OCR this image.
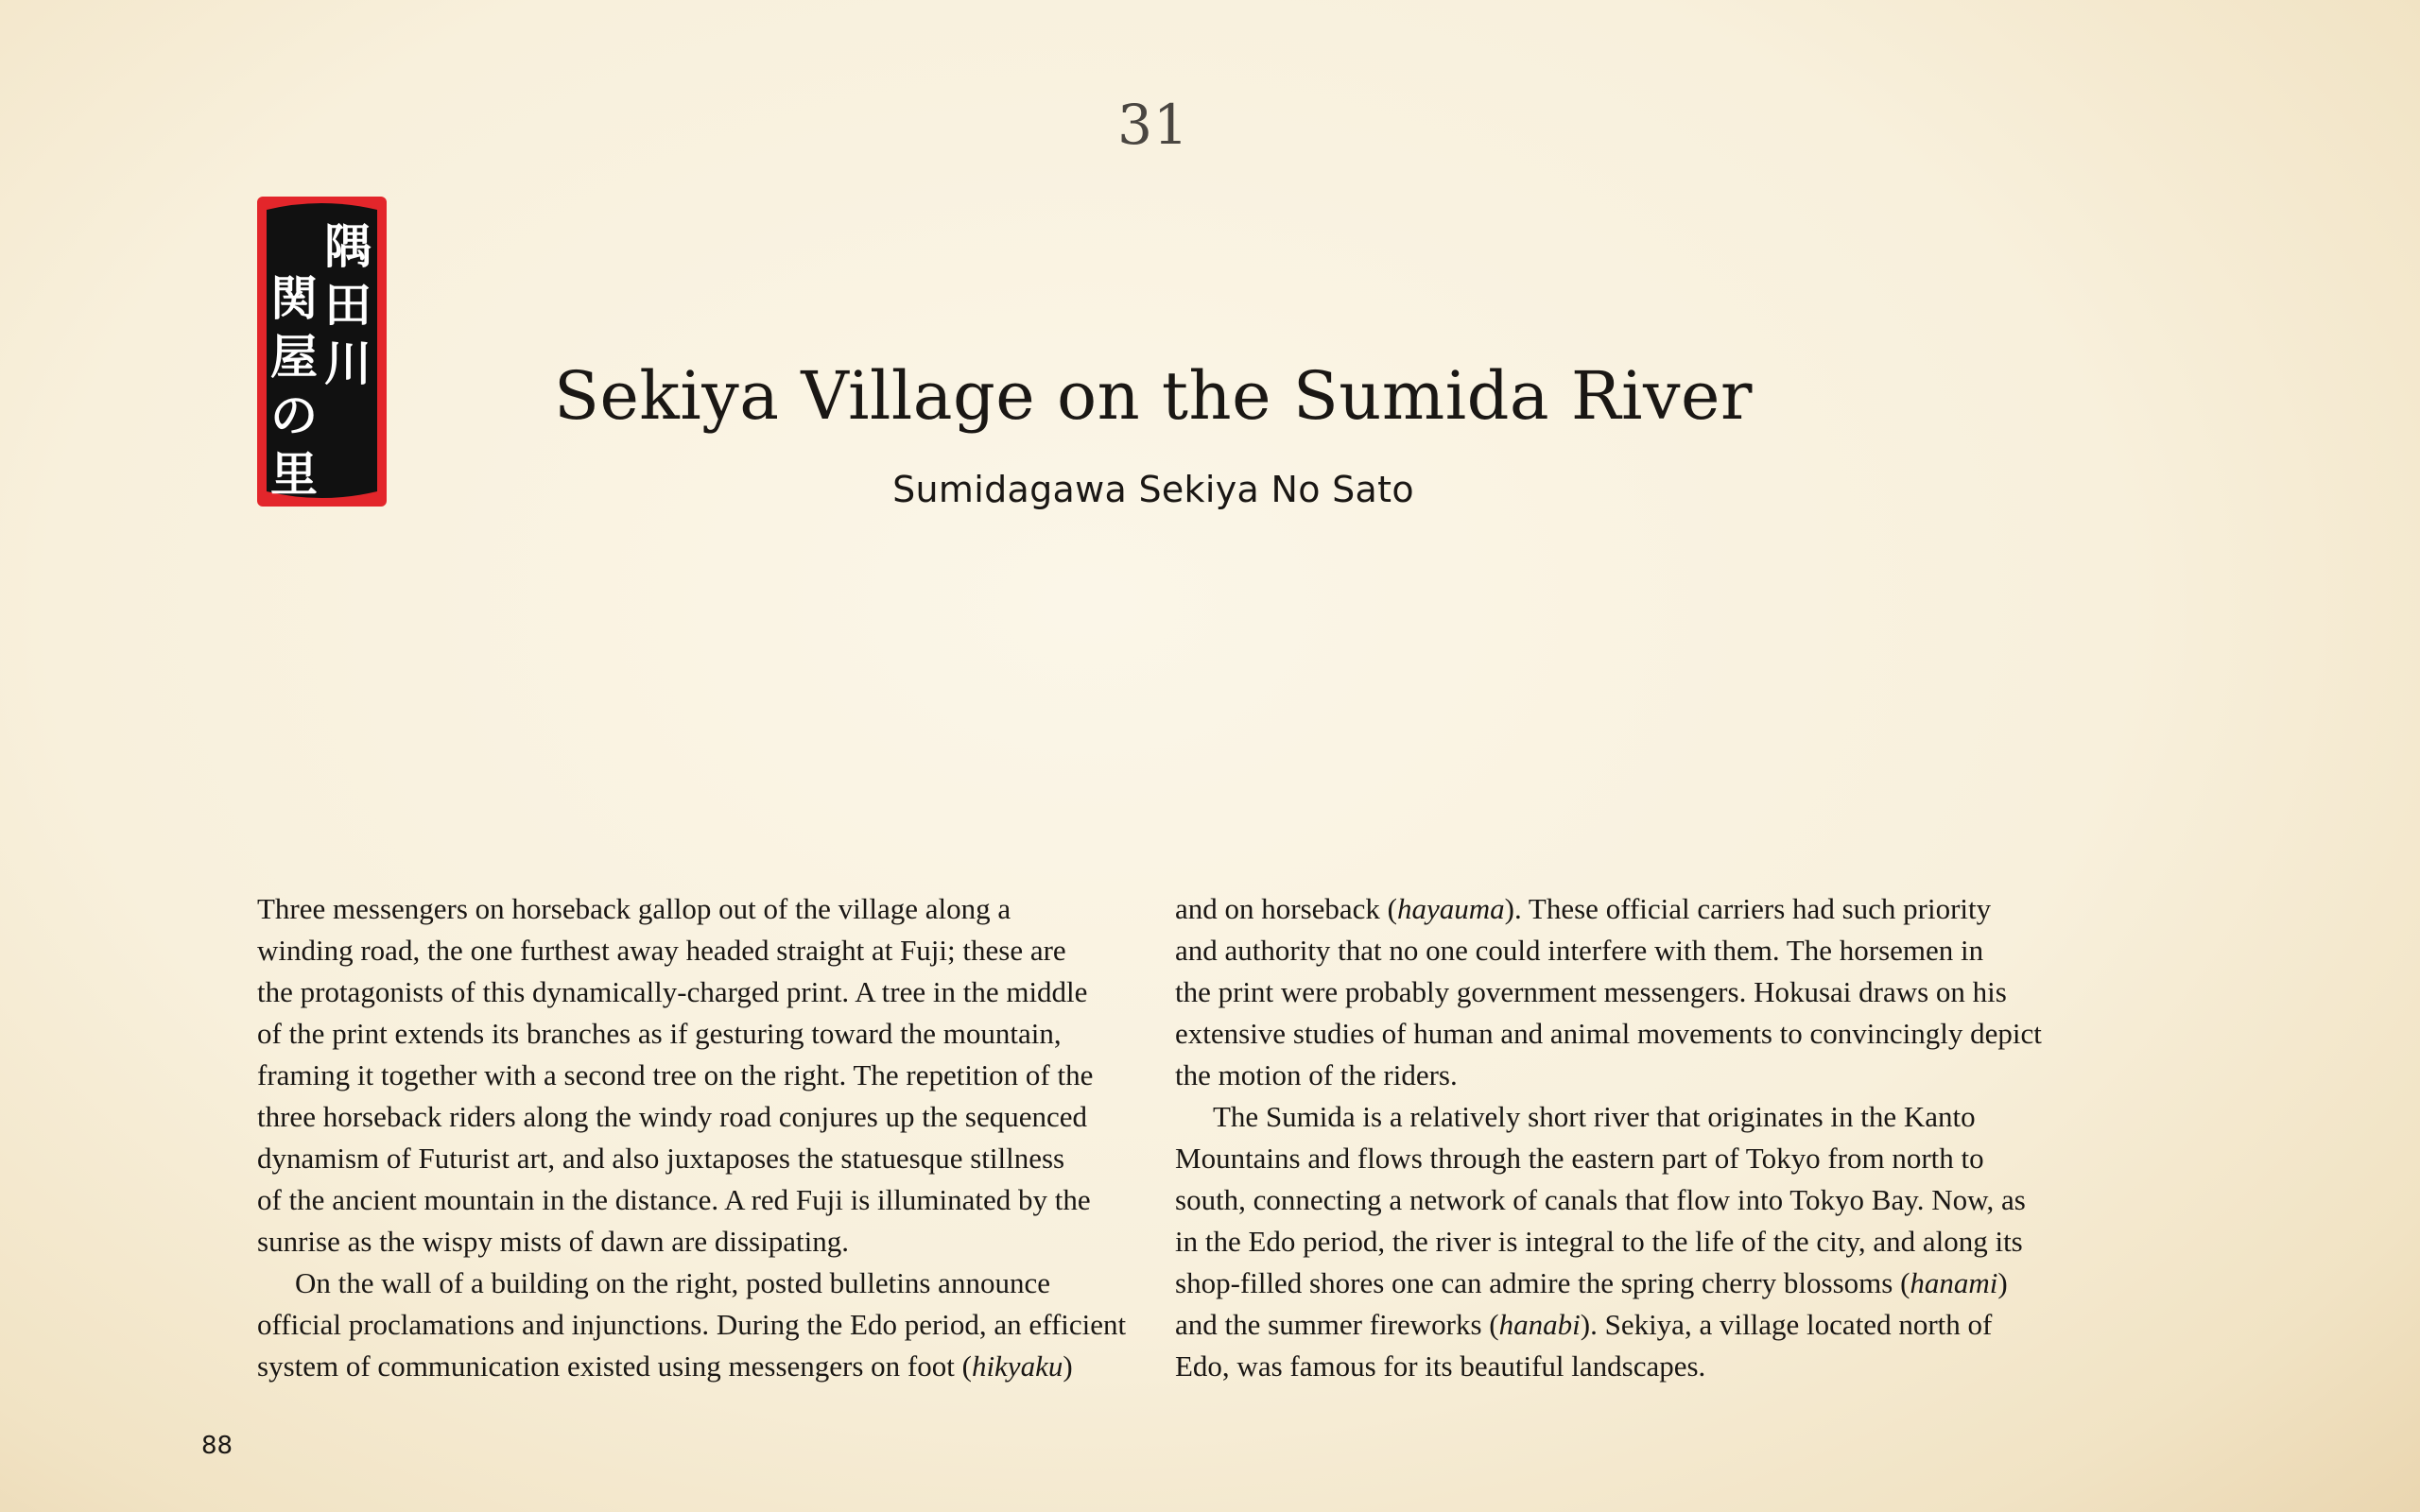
31
隅
田
川
関
屋
の
里
Sekiya Village on the Sumida River
Sumidagawa Sekiya No Sato

Three messengers on horseback gallop out of the village along a
winding road, the one furthest away headed straight at Fuji; these are
the protagonists of this dynamically-charged print. A tree in the middle
of the print extends its branches as if gesturing toward the mountain,
framing it together with a second tree on the right. The repetition of the
three horseback riders along the windy road conjures up the sequenced
dynamism of Futurist art, and also juxtaposes the statuesque stillness
of the ancient mountain in the distance. A red Fuji is illuminated by the
sunrise as the wispy mists of dawn are dissipating.

On the wall of a building on the right, posted bulletins announce
official proclamations and injunctions. During the Edo period, an efficient
system of communication existed using messengers on foot (hikyaku)

and on horseback (hayauma). These official carriers had such priority
and authority that no one could interfere with them. The horsemen in
the print were probably government messengers. Hokusai draws on his
extensive studies of human and animal movements to convincingly depict
the motion of the riders.

The Sumida is a relatively short river that originates in the Kanto
Mountains and flows through the eastern part of Tokyo from north to
south, connecting a network of canals that flow into Tokyo Bay. Now, as
in the Edo period, the river is integral to the life of the city, and along its
shop-filled shores one can admire the spring cherry blossoms (hanami)
and the summer fireworks (hanabi). Sekiya, a village located north of
Edo, was famous for its beautiful landscapes.

88
